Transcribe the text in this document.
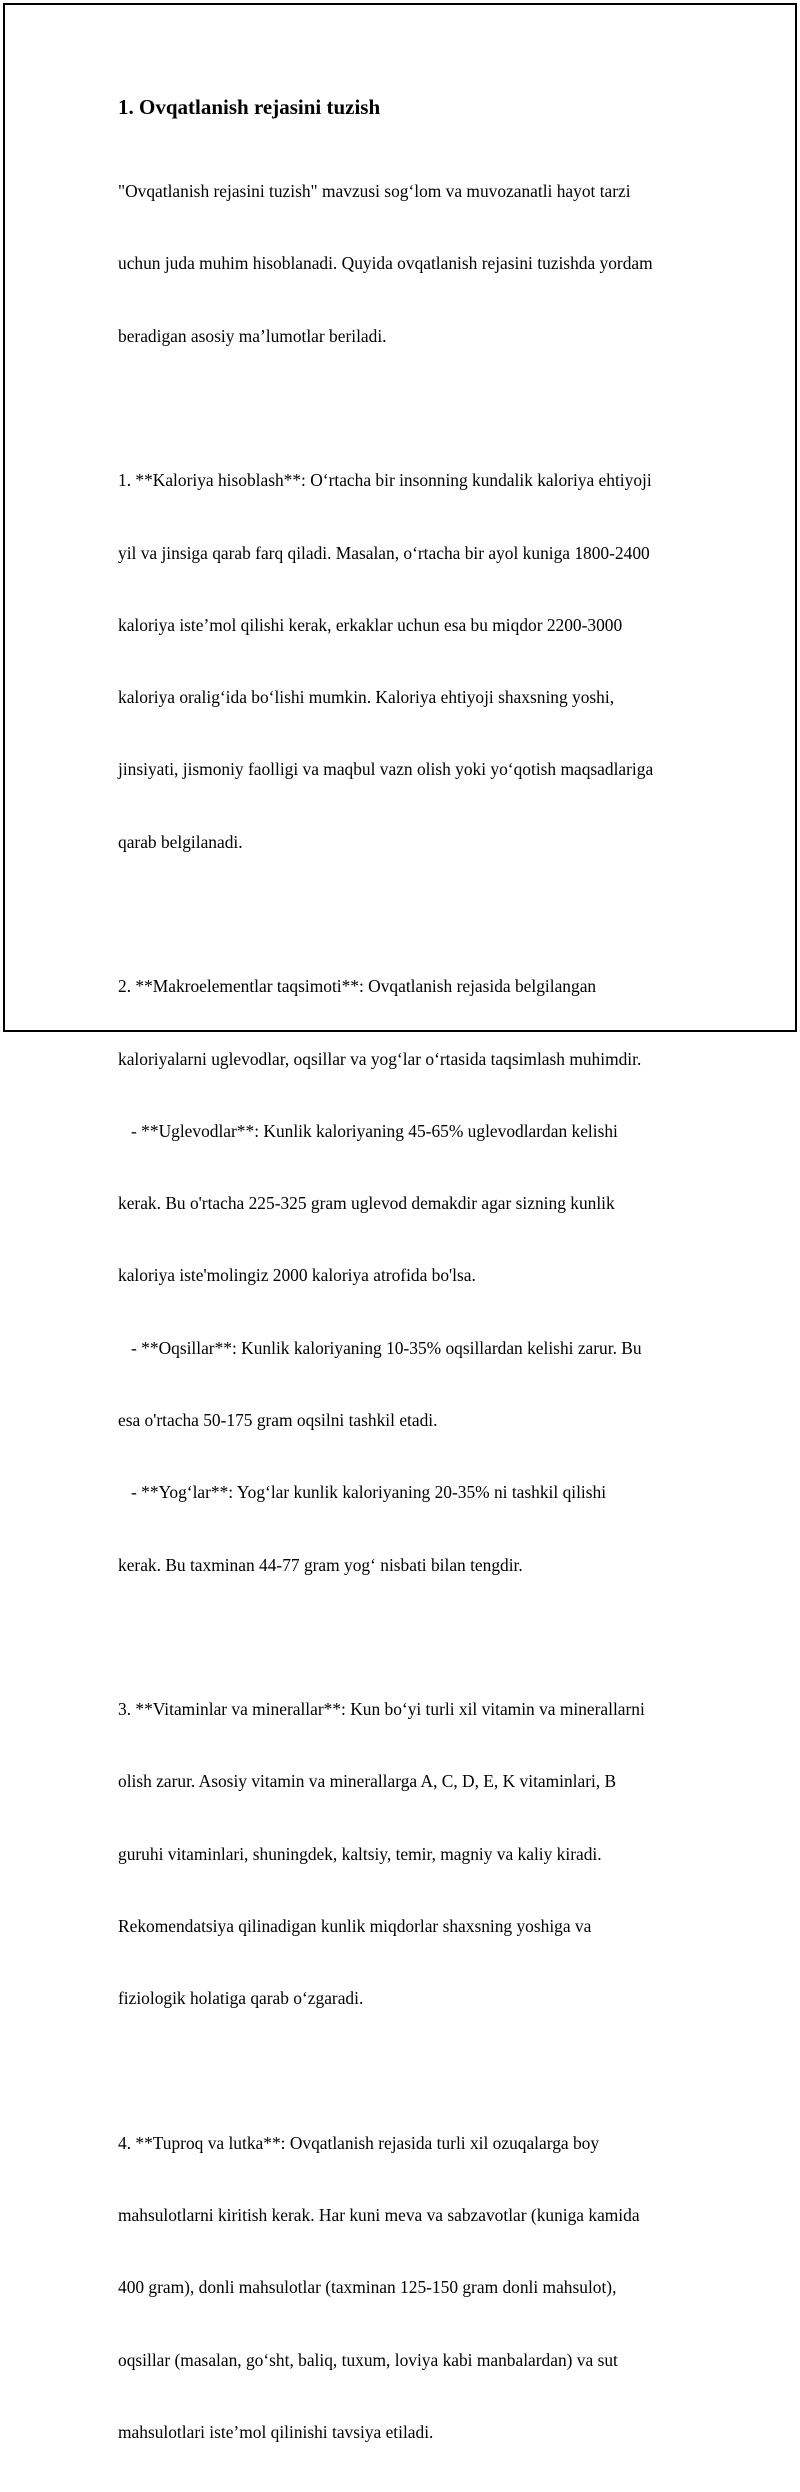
1. Ovqatlanish rejasini tuzish

"Ovqatlanish rejasini tuzish" mavzusi sog‘lom va muvozanatli hayot tarzi

uchun juda muhim hisoblanadi. Quyida ovqatlanish rejasini tuzishda yordam

beradigan asosiy ma’lumotlar beriladi.

1. **Kaloriya hisoblash**: O‘rtacha bir insonning kundalik kaloriya ehtiyoji

yil va jinsiga qarab farq qiladi. Masalan, o‘rtacha bir ayol kuniga 1800-2400

kaloriya iste’mol qilishi kerak, erkaklar uchun esa bu miqdor 2200-3000

kaloriya oralig‘ida bo‘lishi mumkin. Kaloriya ehtiyoji shaxsning yoshi,

jinsiyati, jismoniy faolligi va maqbul vazn olish yoki yo‘qotish maqsadlariga

qarab belgilanadi.

2. **Makroelementlar taqsimoti**: Ovqatlanish rejasida belgilangan

kaloriyalarni uglevodlar, oqsillar va yog‘lar o‘rtasida taqsimlash muhimdir.

- **Uglevodlar**: Kunlik kaloriyaning 45-65% uglevodlardan kelishi

kerak. Bu o'rtacha 225-325 gram uglevod demakdir agar sizning kunlik

kaloriya iste'molingiz 2000 kaloriya atrofida bo'lsa.

- **Oqsillar**: Kunlik kaloriyaning 10-35% oqsillardan kelishi zarur. Bu

esa o'rtacha 50-175 gram oqsilni tashkil etadi.

- **Yog‘lar**: Yog‘lar kunlik kaloriyaning 20-35% ni tashkil qilishi

kerak. Bu taxminan 44-77 gram yog‘ nisbati bilan tengdir.

3. **Vitaminlar va minerallar**: Kun bo‘yi turli xil vitamin va minerallarni

olish zarur. Asosiy vitamin va minerallarga A, C, D, E, K vitaminlari, B

guruhi vitaminlari, shuningdek, kaltsiy, temir, magniy va kaliy kiradi.

Rekomendatsiya qilinadigan kunlik miqdorlar shaxsning yoshiga va

fiziologik holatiga qarab o‘zgaradi.

4. **Tuproq va lutka**: Ovqatlanish rejasida turli xil ozuqalarga boy

mahsulotlarni kiritish kerak. Har kuni meva va sabzavotlar (kuniga kamida

400 gram), donli mahsulotlar (taxminan 125-150 gram donli mahsulot),

oqsillar (masalan, go‘sht, baliq, tuxum, loviya kabi manbalardan) va sut

mahsulotlari iste’mol qilinishi tavsiya etiladi.
